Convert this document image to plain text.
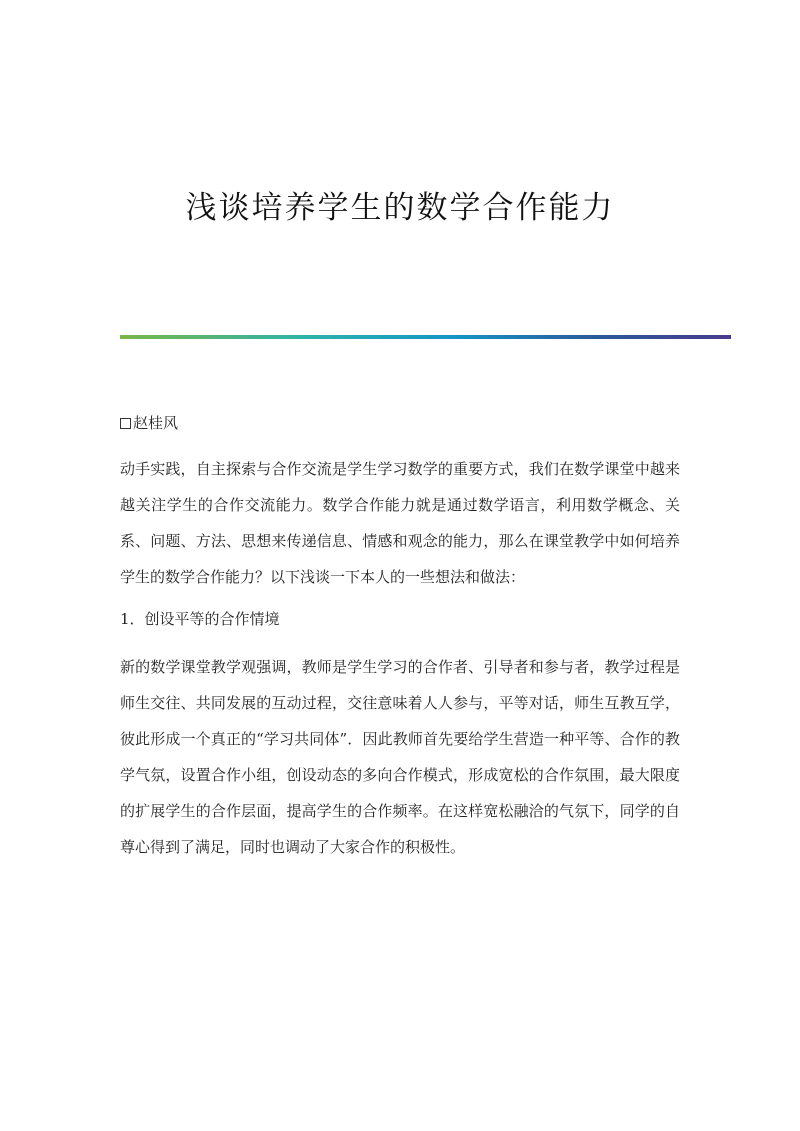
浅谈培养学生的数学合作能力
赵桂风

动手实践，自主探索与合作交流是学生学习数学的重要方式，我们在数学课堂中越来越关注学生的合作交流能力。数学合作能力就是通过数学语言，利用数学概念、关系、问题、方法、思想来传递信息、情感和观念的能力，那么在课堂教学中如何培养学生的数学合作能力？以下浅谈一下本人的一些想法和做法：

1．创设平等的合作情境

新的数学课堂教学观强调，教师是学生学习的合作者、引导者和参与者，教学过程是师生交往、共同发展的互动过程，交往意味着人人参与，平等对话，师生互教互学，彼此形成一个真正的“学习共同体”．因此教师首先要给学生营造一种平等、合作的教学气氛，设置合作小组，创设动态的多向合作模式，形成宽松的合作氛围，最大限度的扩展学生的合作层面，提高学生的合作频率。在这样宽松融洽的气氛下，同学的自尊心得到了满足，同时也调动了大家合作的积极性。
